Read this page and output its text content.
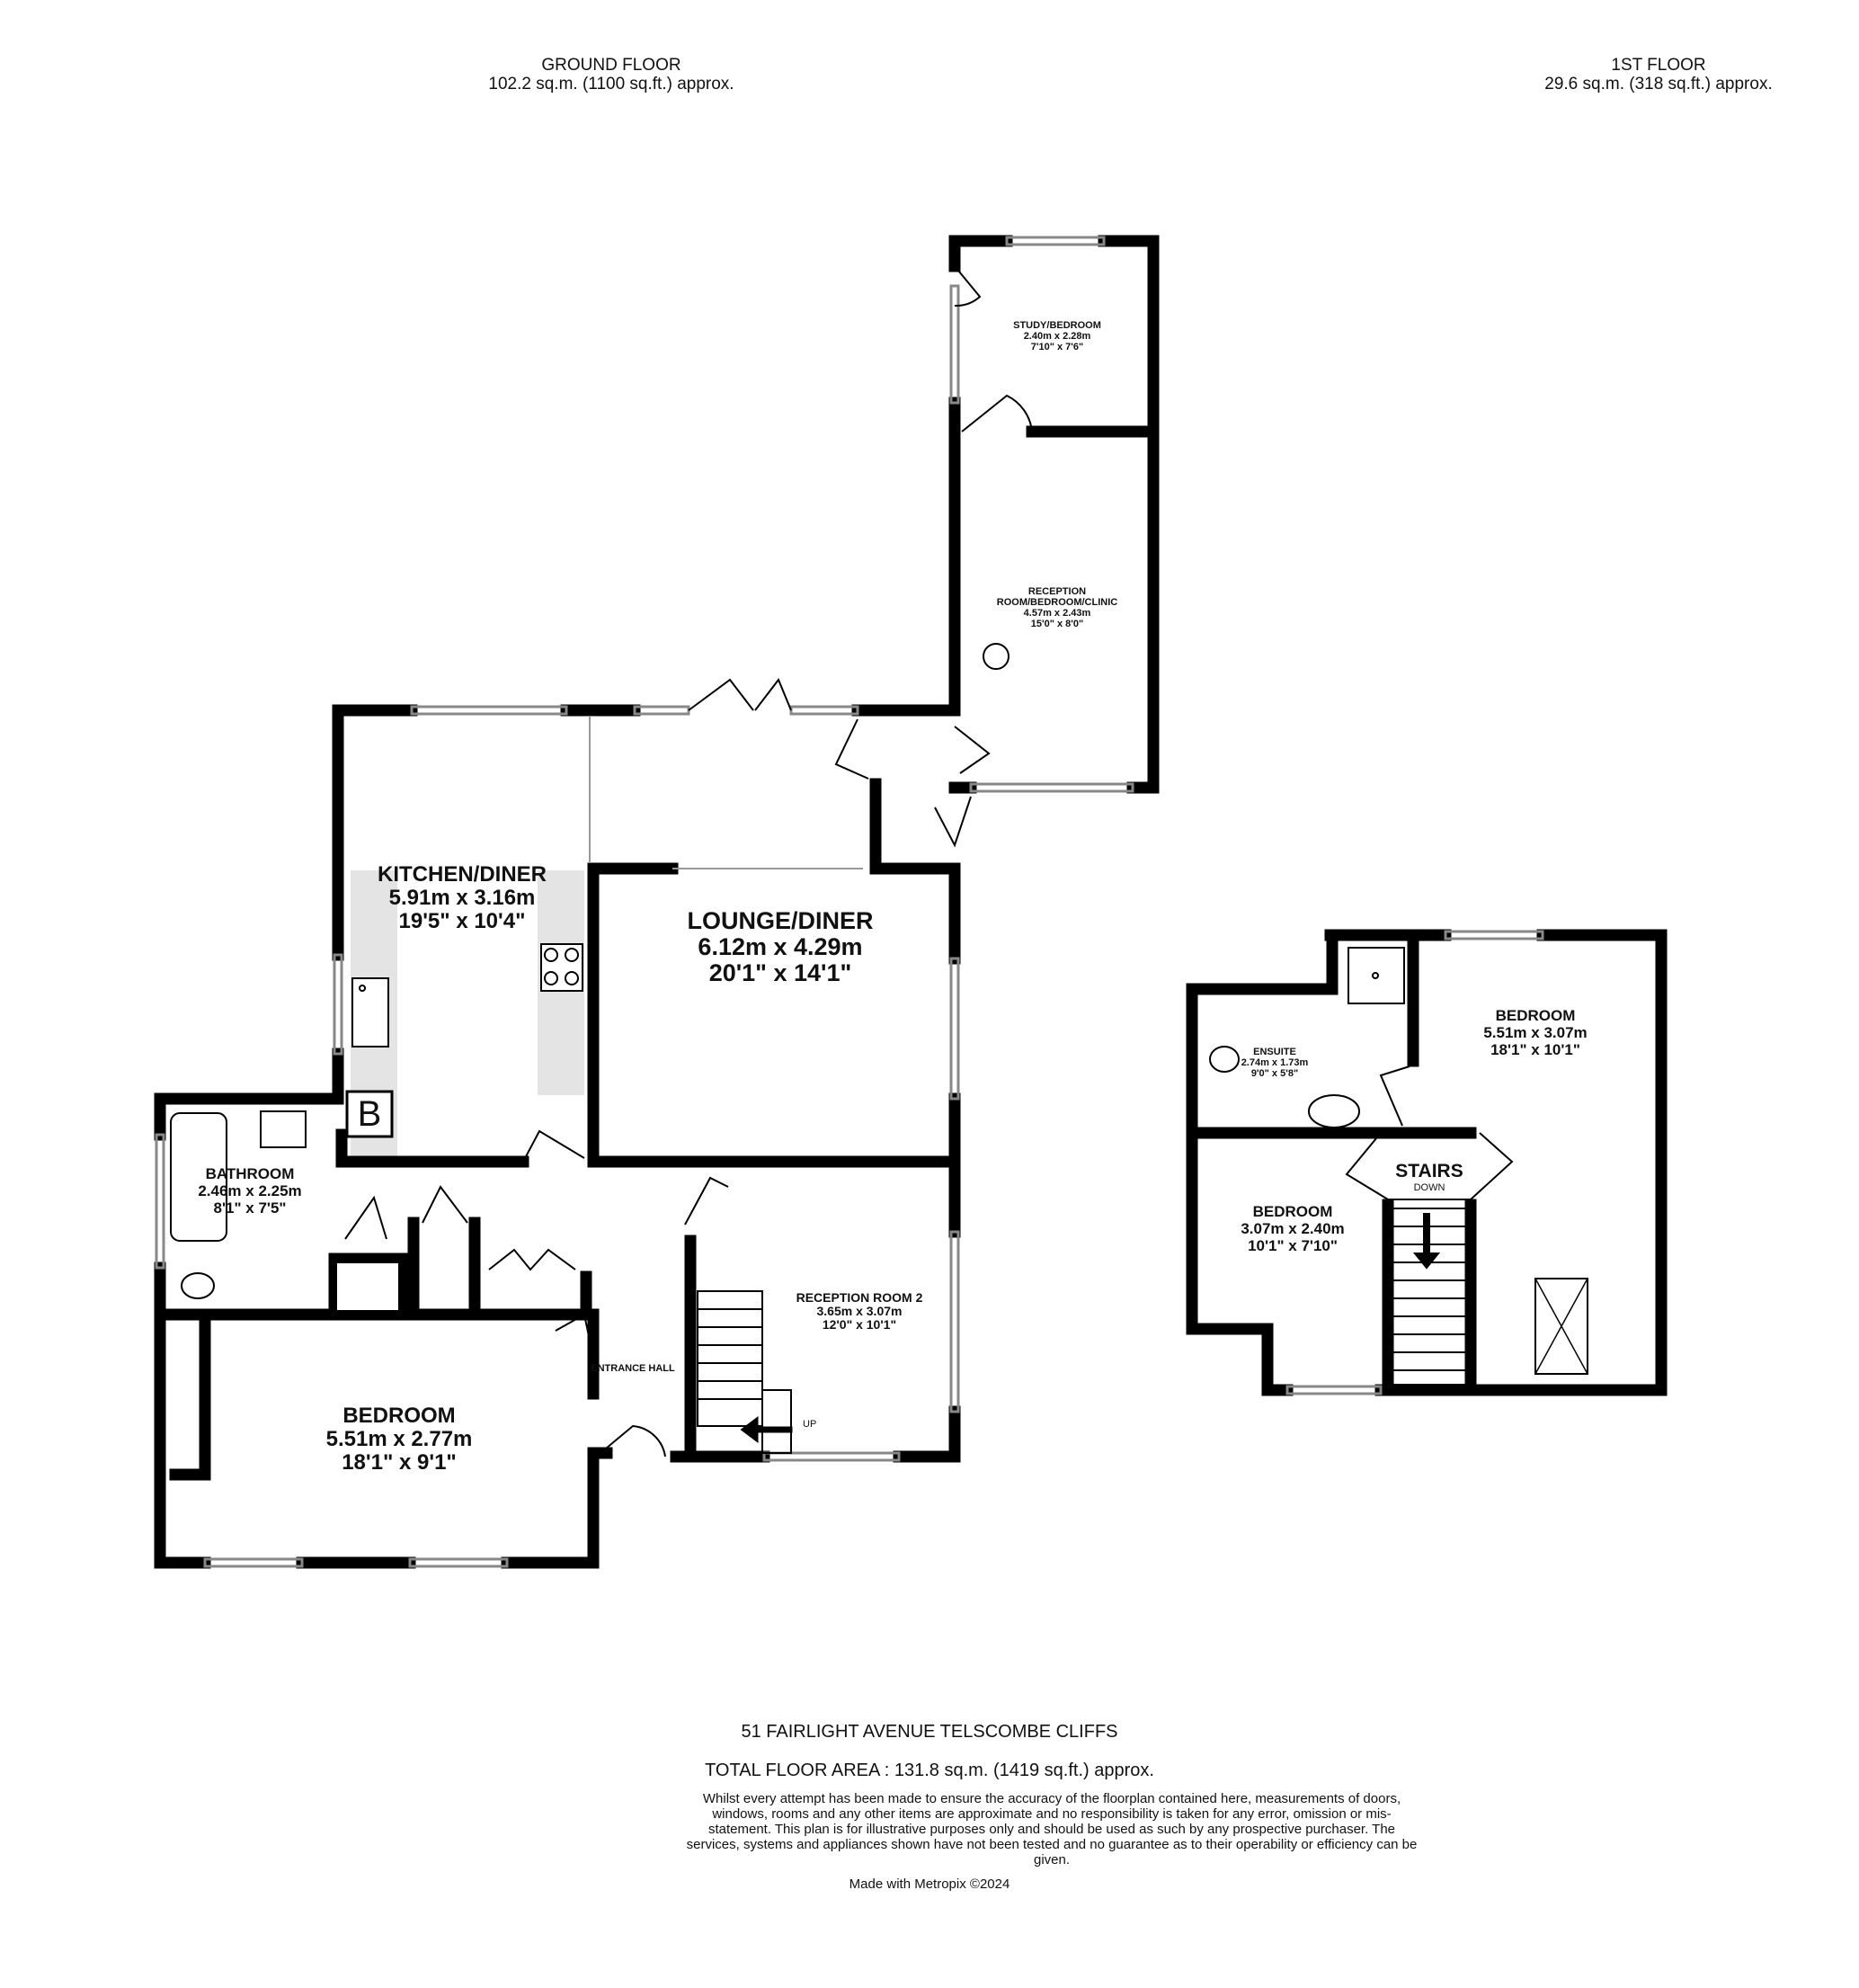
GROUND FLOOR
102.2 sq.m. (1100 sq.ft.) approx.
1ST FLOOR
29.6 sq.m. (318 sq.ft.) approx.
STUDY/BEDROOM
2.40m x 2.28m
7'10" x 7'6"
RECEPTION
ROOM/BEDROOM/CLINIC
4.57m x 2.43m
15'0" x 8'0"
KITCHEN/DINER
5.91m x 3.16m
19'5" x 10'4"	LOUNGE/DINER
6.12m x 4.29m
20'1" x 14'1"
BATHROOM
2.46m x 2.25m
8'1" x 7'5"
RECEPTION ROOM 2
3.65m x 3.07m
12'0" x 10'1"
ENTRANCE HALL
BEDROOM
5.51m x 2.77m
18'1" x 9'1"
ENSUITE
2.74m x 1.73m
9'0" x 5'8"
BEDROOM
5.51m x 3.07m
18'1" x 10'1"
BEDROOM
3.07m x 2.40m
10'1" x 7'10"
STAIRS
DOWN
B
UP
51 FAIRLIGHT AVENUE TELSCOMBE CLIFFS
TOTAL FLOOR AREA : 131.8 sq.m. (1419 sq.ft.) approx.
Whilst every attempt has been made to ensure the accuracy of the floorplan contained here, measurements of doors, windows, rooms and any other items are approximate and no responsibility is taken for any error, omission or mis-statement. This plan is for illustrative purposes only and should be used as such by any prospective purchaser. The services, systems and appliances shown have not been tested and no guarantee as to their operability or efficiency can be given.
Made with Metropix ©2024
